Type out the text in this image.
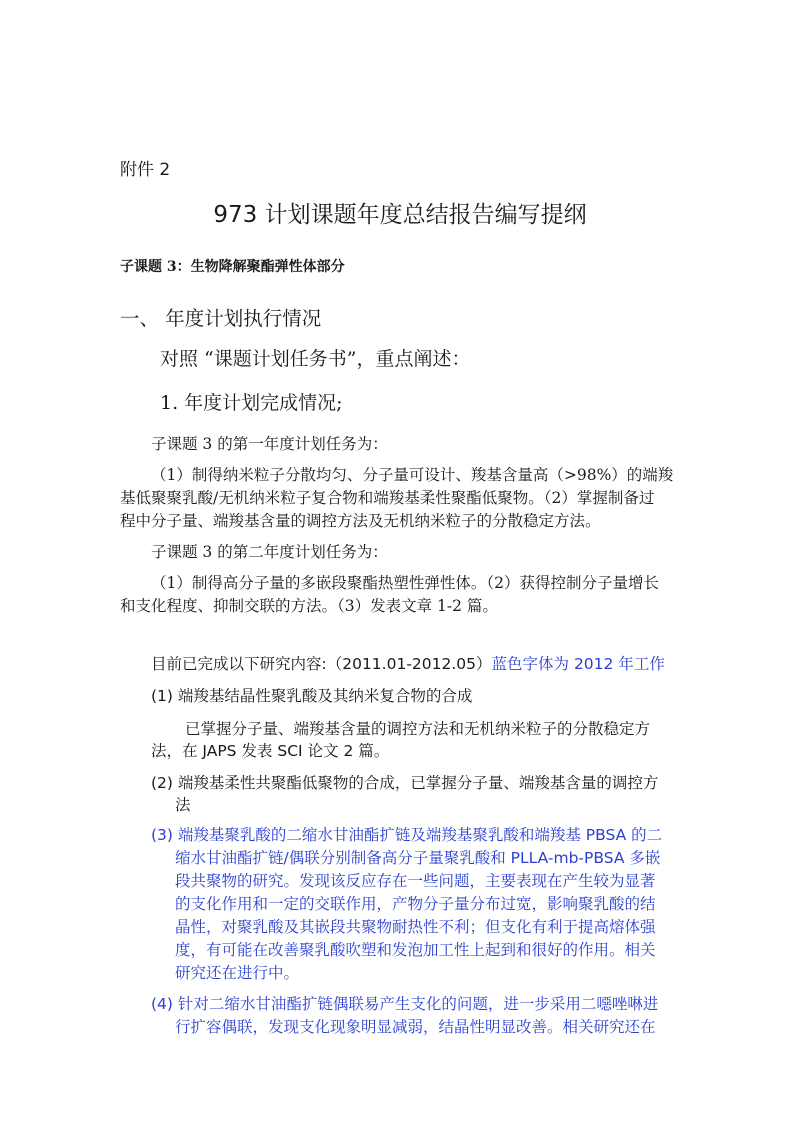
附件 2
973 计划课题年度总结报告编写提纲
子课题 3：生物降解聚酯弹性体部分
一、 年度计划执行情况
对照 “课题计划任务书”，重点阐述：
1. 年度计划完成情况;
子课题 3 的第一年度计划任务为：
（1）制得纳米粒子分散均匀、分子量可设计、羧基含量高（>98%）的端羧
基低聚聚乳酸/无机纳米粒子复合物和端羧基柔性聚酯低聚物。（2）掌握制备过
程中分子量、端羧基含量的调控方法及无机纳米粒子的分散稳定方法。
子课题 3 的第二年度计划任务为：
（1）制得高分子量的多嵌段聚酯热塑性弹性体。（2）获得控制分子量增长
和支化程度、抑制交联的方法。（3）发表文章 1-2 篇。
目前已完成以下研究内容:（2011.01-2012.05）蓝色字体为 2012 年工作
(1) 端羧基结晶性聚乳酸及其纳米复合物的合成
已掌握分子量、端羧基含量的调控方法和无机纳米粒子的分散稳定方
法，在 JAPS 发表 SCI 论文 2 篇。
(2) 端羧基柔性共聚酯低聚物的合成，已掌握分子量、端羧基含量的调控方
法
(3) 端羧基聚乳酸的二缩水甘油酯扩链及端羧基聚乳酸和端羧基 PBSA 的二
缩水甘油酯扩链/偶联分别制备高分子量聚乳酸和 PLLA-mb-PBSA 多嵌
段共聚物的研究。发现该反应存在一些问题，主要表现在产生较为显著
的支化作用和一定的交联作用，产物分子量分布过宽，影响聚乳酸的结
晶性，对聚乳酸及其嵌段共聚物耐热性不利；但支化有利于提高熔体强
度，有可能在改善聚乳酸吹塑和发泡加工性上起到和很好的作用。相关
研究还在进行中。
(4) 针对二缩水甘油酯扩链偶联易产生支化的问题，进一步采用二噁唑啉进
行扩容偶联，发现支化现象明显减弱，结晶性明显改善。相关研究还在
